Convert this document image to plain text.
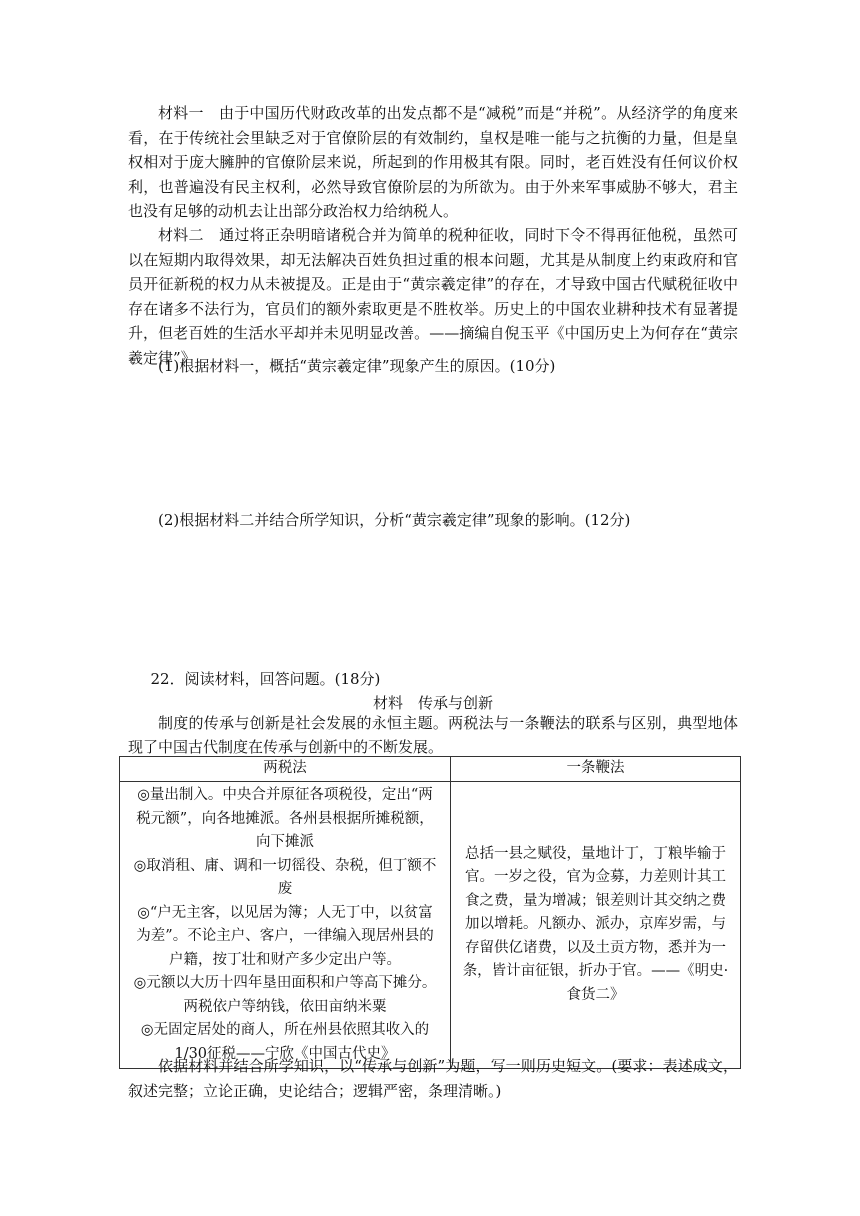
材料一　由于中国历代财政改革的出发点都不是“减税”而是“并税”。从经济学的角度来看，在于传统社会里缺乏对于官僚阶层的有效制约，皇权是唯一能与之抗衡的力量，但是皇权相对于庞大臃肿的官僚阶层来说，所起到的作用极其有限。同时，老百姓没有任何议价权利，也普遍没有民主权利，必然导致官僚阶层的为所欲为。由于外来军事威胁不够大，君主也没有足够的动机去让出部分政治权力给纳税人。

材料二　通过将正杂明暗诸税合并为简单的税种征收，同时下令不得再征他税，虽然可以在短期内取得效果，却无法解决百姓负担过重的根本问题，尤其是从制度上约束政府和官员开征新税的权力从未被提及。正是由于“黄宗羲定律”的存在，才导致中国古代赋税征收中存在诸多不法行为，官员们的额外索取更是不胜枚举。历史上的中国农业耕种技术有显著提升，但老百姓的生活水平却并未见明显改善。——摘编自倪玉平《中国历史上为何存在“黄宗羲定律”》

(1)根据材料一，概括“黄宗羲定律”现象产生的原因。(10分)

(2)根据材料二并结合所学知识，分析“黄宗羲定律”现象的影响。(12分)

22．阅读材料，回答问题。(18分)

材料　传承与创新

制度的传承与创新是社会发展的永恒主题。两税法与一条鞭法的联系与区别，典型地体现了中国古代制度在传承与创新中的不断发展。

两税法	一条鞭法

◎量出制入。中央合并原征各项税役，定出“两税元额”，向各地摊派。各州县根据所摊税额，向下摊派

◎取消租、庸、调和一切徭役、杂税，但丁额不废

◎“户无主客，以见居为簿；人无丁中，以贫富为差”。不论主户、客户，一律编入现居州县的户籍，按丁壮和财产多少定出户等。

◎元额以大历十四年垦田面积和户等高下摊分。两税依户等纳钱，依田亩纳米粟

◎无固定居处的商人，所在州县依照其收入的1/30征税——宁欣《中国古代史》	总括一县之赋役，量地计丁，丁粮毕输于官。一岁之役，官为佥募，力差则计其工食之费，量为增减；银差则计其交纳之费加以增耗。凡额办、派办，京库岁需，与存留供亿诸费，以及土贡方物，悉并为一条，皆计亩征银，折办于官。——《明史·食货二》

依据材料并结合所学知识，以“传承与创新”为题，写一则历史短文。(要求：表述成文，叙述完整；立论正确，史论结合；逻辑严密，条理清晰。)
